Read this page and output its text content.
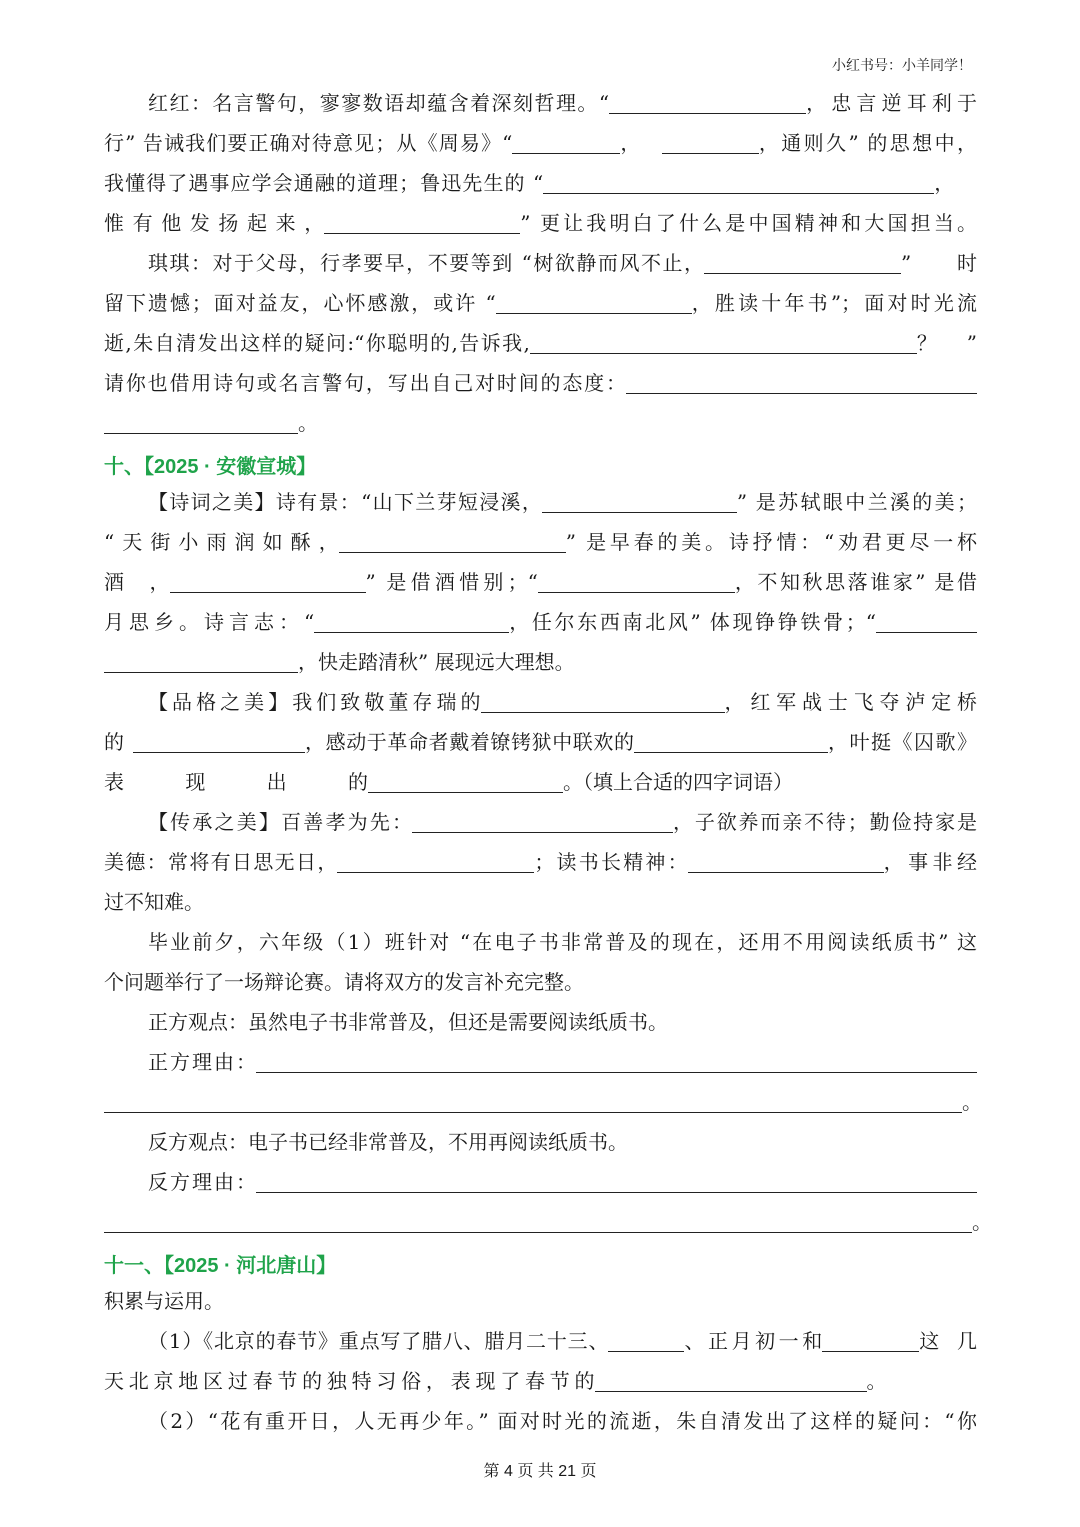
小红书号：小羊同学！
红红：名言警句，寥寥数语却蕴含着深刻哲理。“	，忠言逆耳利于
行” 告诫我们要正确对待意见；从《周易》“	，	，通则久” 的思想中，
我懂得了遇事应学会通融的道理；鲁迅先生的 “	，
惟有他发扬起来，	” 更让我明白了什么是中国精神和大国担当。
琪琪：对于父母，行孝要早，不要等到 “树欲静而风不止，	” 时
留下遗憾；面对益友，心怀感激，或许 “	，胜读十年书”；面对时光流
逝,朱自清发出这样的疑问:“你聪明的,告诉我,	？”
请你也借用诗句或名言警句，写出自己对时间的态度：
。
【诗词之美】诗有景：“山下兰芽短浸溪，	” 是苏轼眼中兰溪的美；
“天街小雨润如酥，	” 是早春的美。诗抒情：“劝君更尽一杯
酒，	” 是借酒惜别；“	，不知秋思落谁家” 是借
月思乡。诗言志：“	，任尔东西南北风” 体现铮铮铁骨；“
，快走踏清秋” 展现远大理想。
【品格之美】我们致敬董存瑞的	，红军战士飞夺泸定桥
的	，感动于革命者戴着镣铐狱中联欢的	，叶挺《囚歌》
表现出的	。（填上合适的四字词语）
【传承之美】百善孝为先：	，子欲养而亲不待；勤俭持家是
美德：常将有日思无日，	；读书长精神：	，事非经
过不知难。
毕业前夕，六年级（1）班针对 “在电子书非常普及的现在，还用不用阅读纸质书” 这
个问题举行了一场辩论赛。请将双方的发言补充完整。
正方观点：虽然电子书非常普及，但还是需要阅读纸质书。
正方理由：
。
反方观点：电子书已经非常普及，不用再阅读纸质书。
反方理由：
。
积累与运用。
（1）《北京的春节》重点写了腊八、腊月二十三、	、正月初一和	这几
天北京地区过春节的独特习俗，表现了春节的	。
（2）“花有重开日，人无再少年。” 面对时光的流逝，朱自清发出了这样的疑问：“你
十、【2025 · 安徽宣城】
十一、【2025 · 河北唐山】
第 4 页 共 21 页
